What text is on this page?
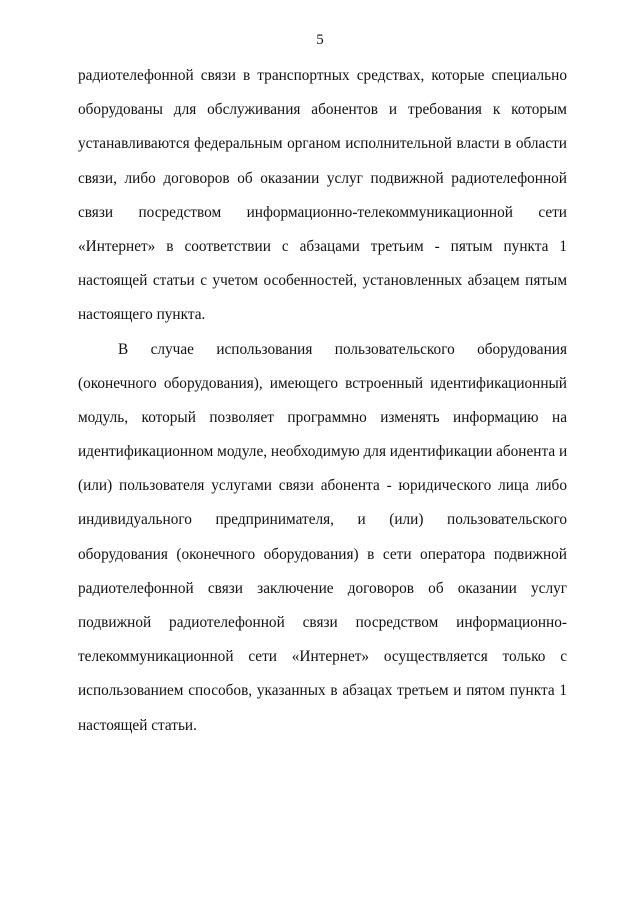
5
радиотелефонной связи в транспортных средствах, которые специально
оборудованы для обслуживания абонентов и требования к которым
устанавливаются федеральным органом исполнительной власти в области
связи, либо договоров об оказании услуг подвижной радиотелефонной
связи посредством информационно-телекоммуникационной сети
«Интернет» в соответствии с абзацами третьим - пятым пункта 1
настоящей статьи с учетом особенностей, установленных абзацем пятым
настоящего пункта.
В случае использования пользовательского оборудования
(оконечного оборудования), имеющего встроенный идентификационный
модуль, который позволяет программно изменять информацию на
идентификационном модуле, необходимую для идентификации абонента и
(или) пользователя услугами связи абонента - юридического лица либо
индивидуального предпринимателя, и (или) пользовательского
оборудования (оконечного оборудования) в сети оператора подвижной
радиотелефонной связи заключение договоров об оказании услуг
подвижной радиотелефонной связи посредством информационно-
телекоммуникационной сети «Интернет» осуществляется только с
использованием способов, указанных в абзацах третьем и пятом пункта 1
настоящей статьи.
